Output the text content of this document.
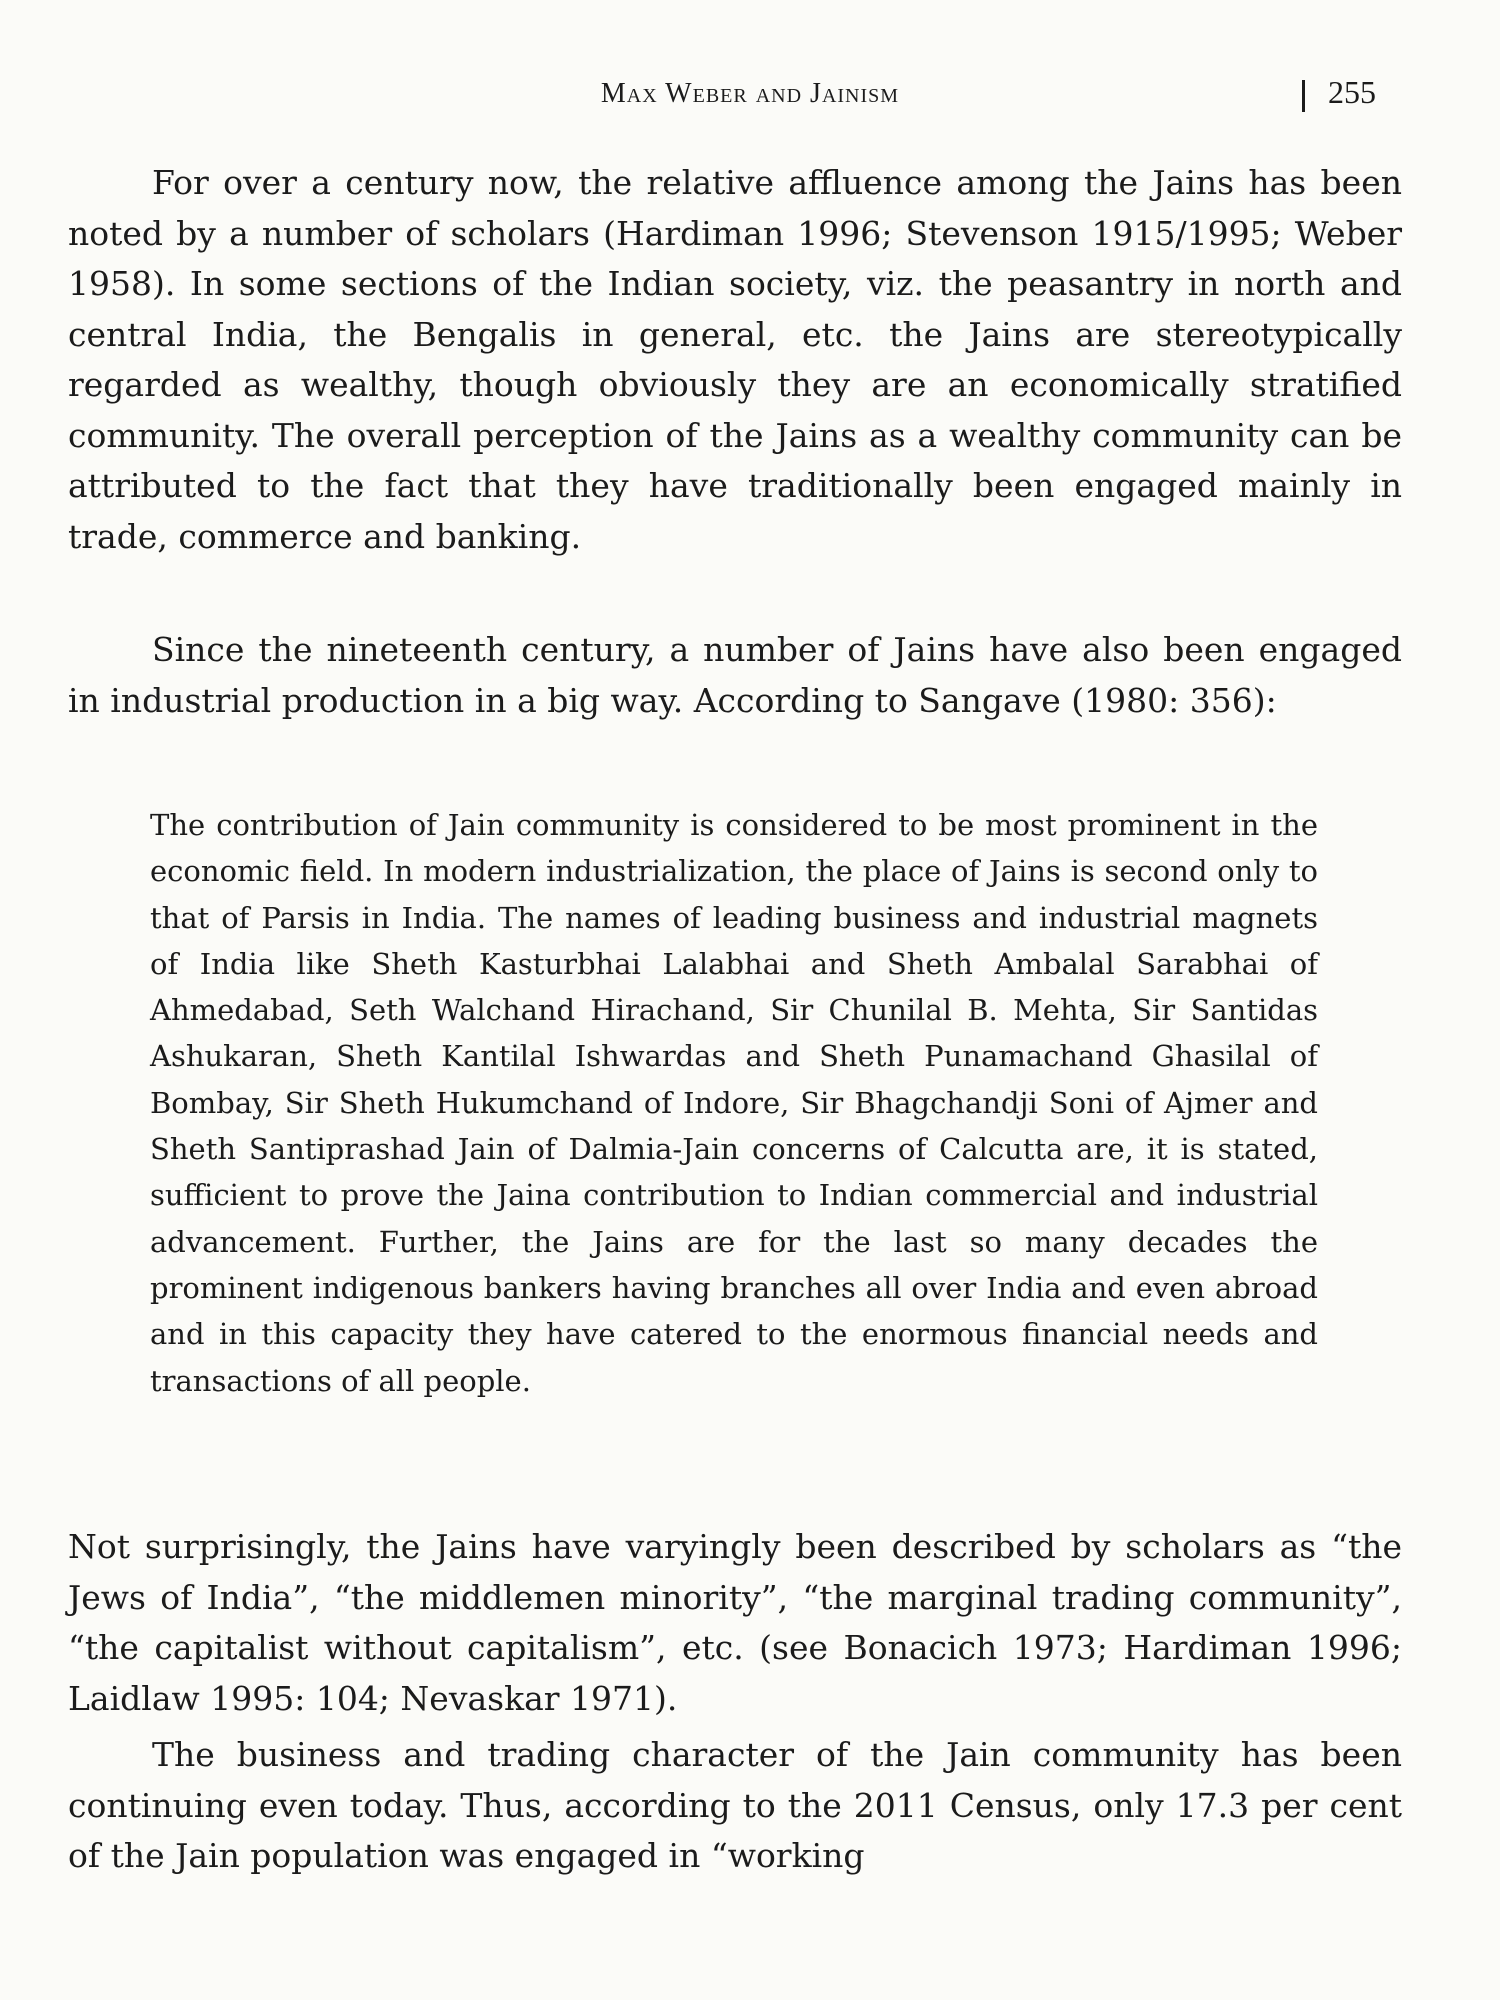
Max Weber and Jainism	255

For over a century now, the relative affluence among the Jains has been noted by a number of scholars (Hardiman 1996; Stevenson 1915/1995; Weber 1958). In some sections of the Indian society, viz. the peasantry in north and central India, the Bengalis in general, etc. the Jains are stereotypically regarded as wealthy, though obviously they are an economically stratified community. The overall perception of the Jains as a wealthy community can be attributed to the fact that they have traditionally been engaged mainly in trade, commerce and banking.

Since the nineteenth century, a number of Jains have also been engaged in industrial production in a big way. According to Sangave (1980: 356):

The contribution of Jain community is considered to be most prominent in the economic field. In modern industrialization, the place of Jains is second only to that of Parsis in India. The names of leading business and industrial magnets of India like Sheth Kasturbhai Lalabhai and Sheth Ambalal Sarabhai of Ahmedabad, Seth Walchand Hirachand, Sir Chunilal B. Mehta, Sir Santidas Ashukaran, Sheth Kantilal Ishwardas and Sheth Punamachand Ghasilal of Bombay, Sir Sheth Hukumchand of Indore, Sir Bhagchandji Soni of Ajmer and Sheth Santiprashad Jain of Dalmia-Jain concerns of Calcutta are, it is stated, sufficient to prove the Jaina contribution to Indian commercial and industrial advancement. Further, the Jains are for the last so many decades the prominent indigenous bankers having branches all over India and even abroad and in this capacity they have catered to the enormous financial needs and transactions of all people.

Not surprisingly, the Jains have varyingly been described by scholars as “the Jews of India”, “the middlemen minority”, “the marginal trading community”, “the capitalist without capitalism”, etc. (see Bonacich 1973; Hardiman 1996; Laidlaw 1995: 104; Nevaskar 1971).

The business and trading character of the Jain community has been continuing even today. Thus, according to the 2011 Census, only 17.3 per cent of the Jain population was engaged in “working
